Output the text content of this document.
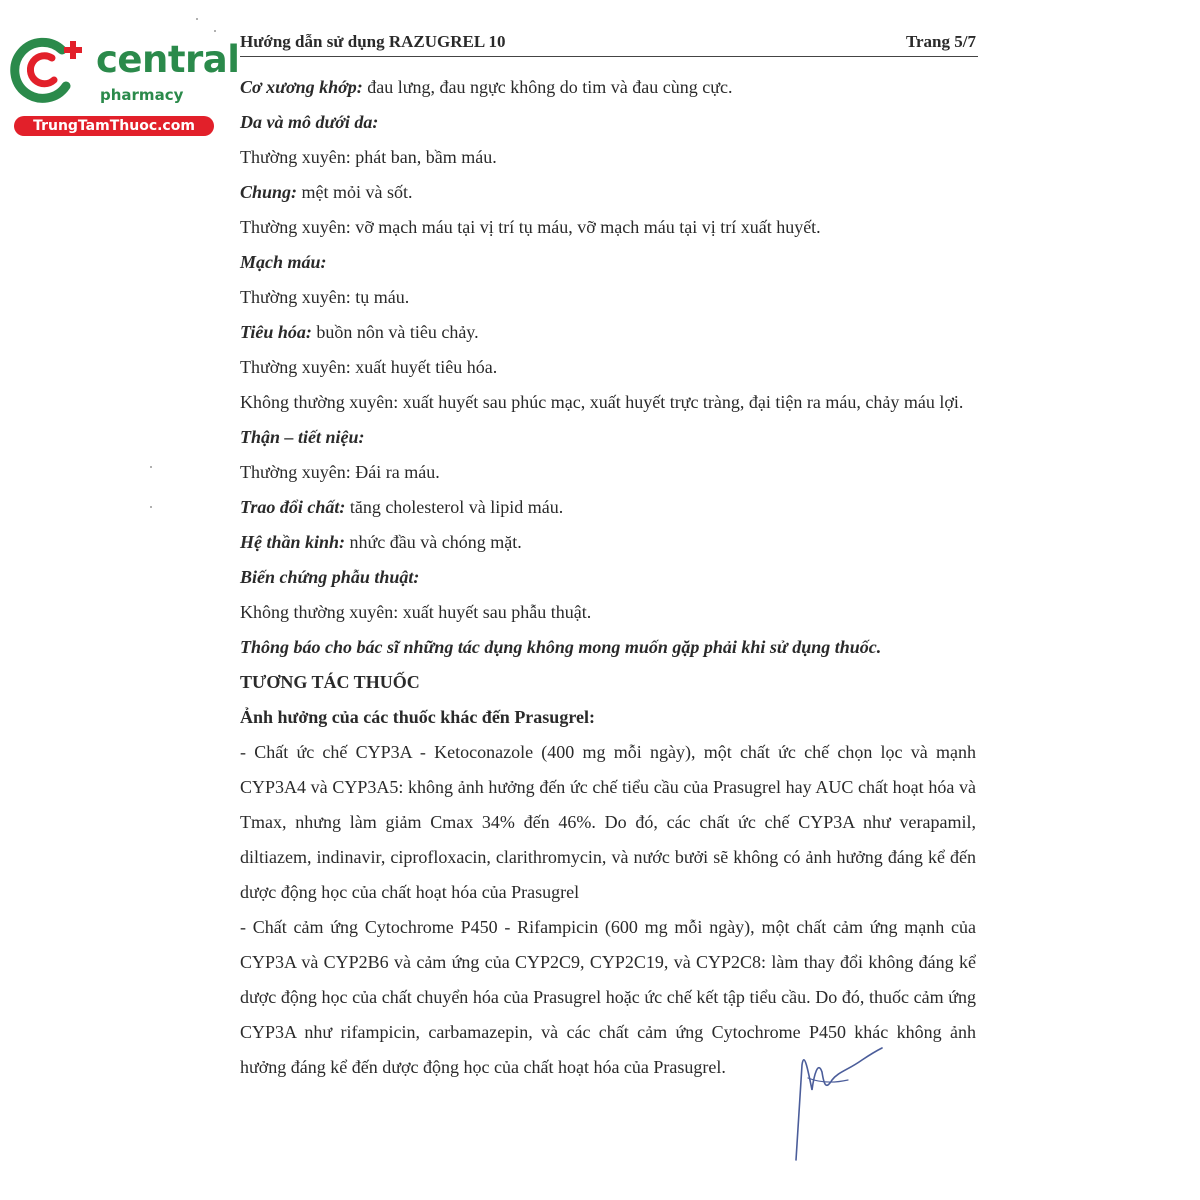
central
pharmacy
TrungTamThuoc.com
Hướng dẫn sử dụng RAZUGREL 10	Trang 5/7

Cơ xương khớp: đau lưng, đau ngực không do tim và đau cùng cực.

Da và mô dưới da:

Thường xuyên: phát ban, bầm máu.

Chung: mệt mỏi và sốt.

Thường xuyên: vỡ mạch máu tại vị trí tụ máu, vỡ mạch máu tại vị trí xuất huyết.

Mạch máu:

Thường xuyên: tụ máu.

Tiêu hóa: buồn nôn và tiêu chảy.

Thường xuyên: xuất huyết tiêu hóa.

Không thường xuyên: xuất huyết sau phúc mạc, xuất huyết trực tràng, đại tiện ra máu, chảy máu lợi.

Thận – tiết niệu:

Thường xuyên: Đái ra máu.

Trao đổi chất: tăng cholesterol và lipid máu.

Hệ thần kinh: nhức đầu và chóng mặt.

Biến chứng phẫu thuật:

Không thường xuyên: xuất huyết sau phẫu thuật.

Thông báo cho bác sĩ những tác dụng không mong muốn gặp phải khi sử dụng thuốc.

TƯƠNG TÁC THUỐC

Ảnh hưởng của các thuốc khác đến Prasugrel:

- Chất ức chế CYP3A - Ketoconazole (400 mg mỗi ngày), một chất ức chế chọn lọc và mạnh CYP3A4 và CYP3A5: không ảnh hưởng đến ức chế tiểu cầu của Prasugrel hay AUC chất hoạt hóa và Tmax, nhưng làm giảm Cmax 34% đến 46%. Do đó, các chất ức chế CYP3A như verapamil, diltiazem, indinavir, ciprofloxacin, clarithromycin, và nước bưởi sẽ không có ảnh hưởng đáng kể đến dược động học của chất hoạt hóa của Prasugrel

- Chất cảm ứng Cytochrome P450 - Rifampicin (600 mg mỗi ngày), một chất cảm ứng mạnh của CYP3A và CYP2B6 và cảm ứng của CYP2C9, CYP2C19, và CYP2C8: làm thay đổi không đáng kể dược động học của chất chuyển hóa của Prasugrel hoặc ức chế kết tập tiểu cầu. Do đó, thuốc cảm ứng CYP3A như rifampicin, carbamazepin, và các chất cảm ứng Cytochrome P450 khác không ảnh hưởng đáng kể đến dược động học của chất hoạt hóa của Prasugrel.
